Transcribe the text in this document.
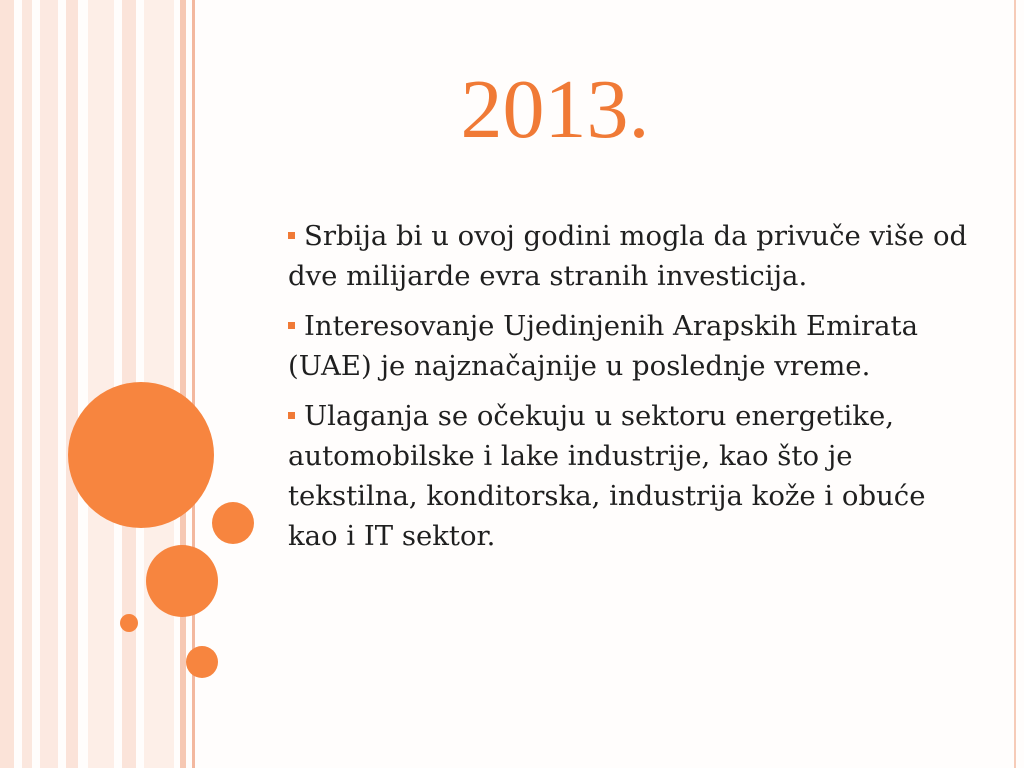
2013.
Srbija bi u ovoj godini mogla da privuče više od dve milijarde evra stranih investicija.
Interesovanje Ujedinjenih Arapskih Emirata (UAE) je najznačajnije u poslednje vreme.
Ulaganja se očekuju u sektoru energetike, automobilske i lake industrije, kao što je tekstilna, konditorska, industrija kože i obuće kao i IT sektor.
